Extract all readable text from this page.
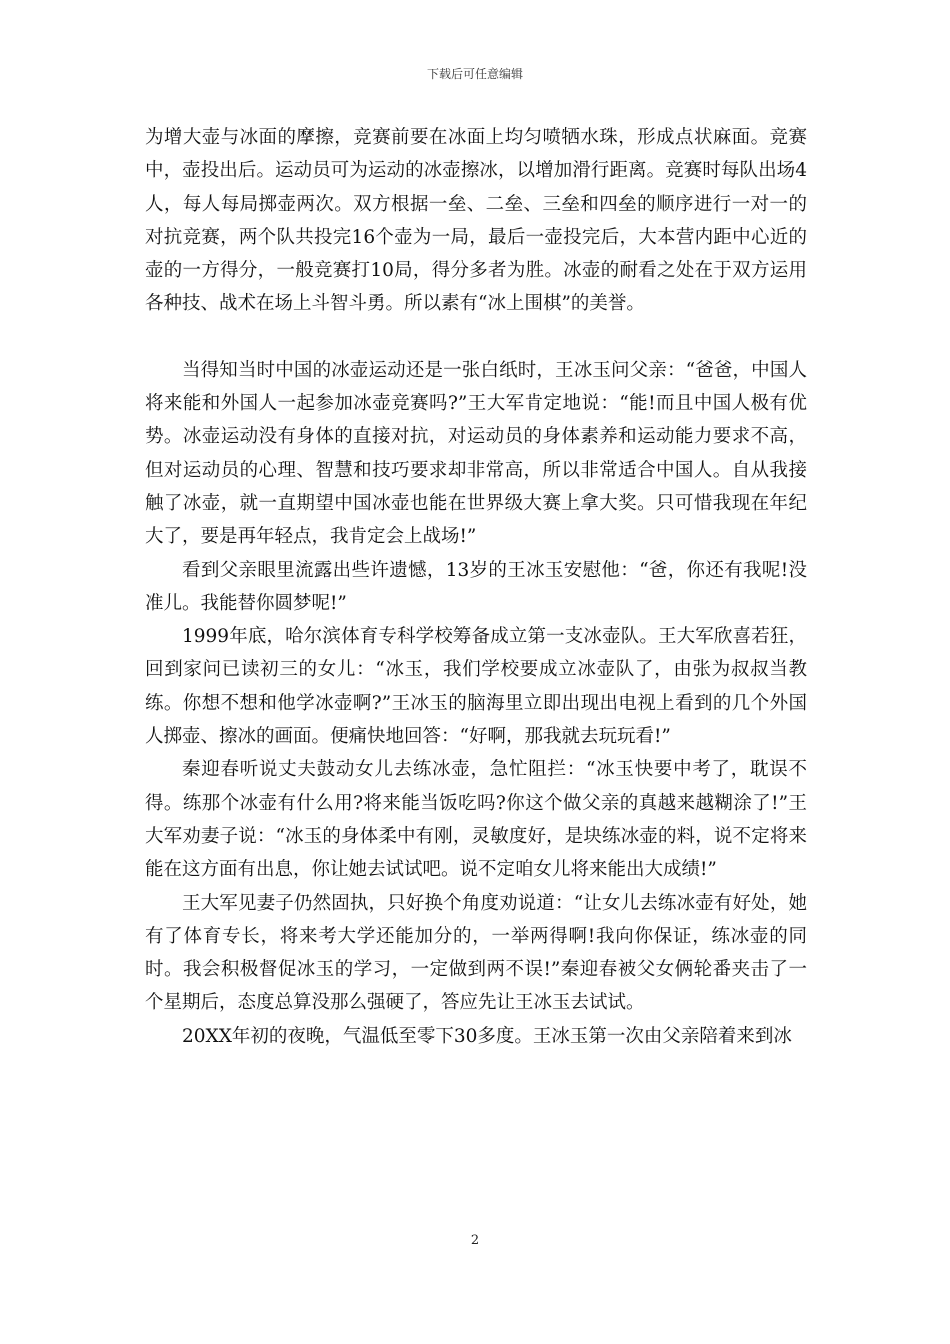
下载后可任意编辑

为增大壶与冰面的摩擦，竞赛前要在冰面上均匀喷牺水珠，形成点状麻面。竞赛中，壶投出后。运动员可为运动的冰壶擦冰，以增加滑行距离。竞赛时每队出场4人，每人每局掷壶两次。双方根据一垒、二垒、三垒和四垒的顺序进行一对一的对抗竞赛，两个队共投完16个壶为一局，最后一壶投完后，大本营内距中心近的壶的一方得分，一般竞赛打10局，得分多者为胜。冰壶的耐看之处在于双方运用各种技、战术在场上斗智斗勇。所以素有“冰上围棋”的美誉。

当得知当时中国的冰壶运动还是一张白纸时，王冰玉问父亲：“爸爸，中国人将来能和外国人一起参加冰壶竞赛吗?”王大军肯定地说：“能!而且中国人极有优势。冰壶运动没有身体的直接对抗，对运动员的身体素养和运动能力要求不高，但对运动员的心理、智慧和技巧要求却非常高，所以非常适合中国人。自从我接触了冰壶，就一直期望中国冰壶也能在世界级大赛上拿大奖。只可惜我现在年纪大了，要是再年轻点，我肯定会上战场!”

看到父亲眼里流露出些许遗憾，13岁的王冰玉安慰他：“爸，你还有我呢!没准儿。我能替你圆梦呢!”

1999年底，哈尔滨体育专科学校筹备成立第一支冰壶队。王大军欣喜若狂，回到家问已读初三的女儿：“冰玉，我们学校要成立冰壶队了，由张为叔叔当教练。你想不想和他学冰壶啊?”王冰玉的脑海里立即出现出电视上看到的几个外国人掷壶、擦冰的画面。便痛快地回答：“好啊，那我就去玩玩看!”

秦迎春听说丈夫鼓动女儿去练冰壶，急忙阻拦：“冰玉快要中考了，耽误不得。练那个冰壶有什么用?将来能当饭吃吗?你这个做父亲的真越来越糊涂了!”王大军劝妻子说：“冰玉的身体柔中有刚，灵敏度好，是块练冰壶的料，说不定将来能在这方面有出息，你让她去试试吧。说不定咱女儿将来能出大成绩!”

王大军见妻子仍然固执，只好换个角度劝说道：“让女儿去练冰壶有好处，她有了体育专长，将来考大学还能加分的，一举两得啊!我向你保证，练冰壶的同时。我会积极督促冰玉的学习，一定做到两不误!”秦迎春被父女俩轮番夹击了一个星期后，态度总算没那么强硬了，答应先让王冰玉去试试。

20XX年初的夜晚，气温低至零下30多度。王冰玉第一次由父亲陪着来到冰

2
